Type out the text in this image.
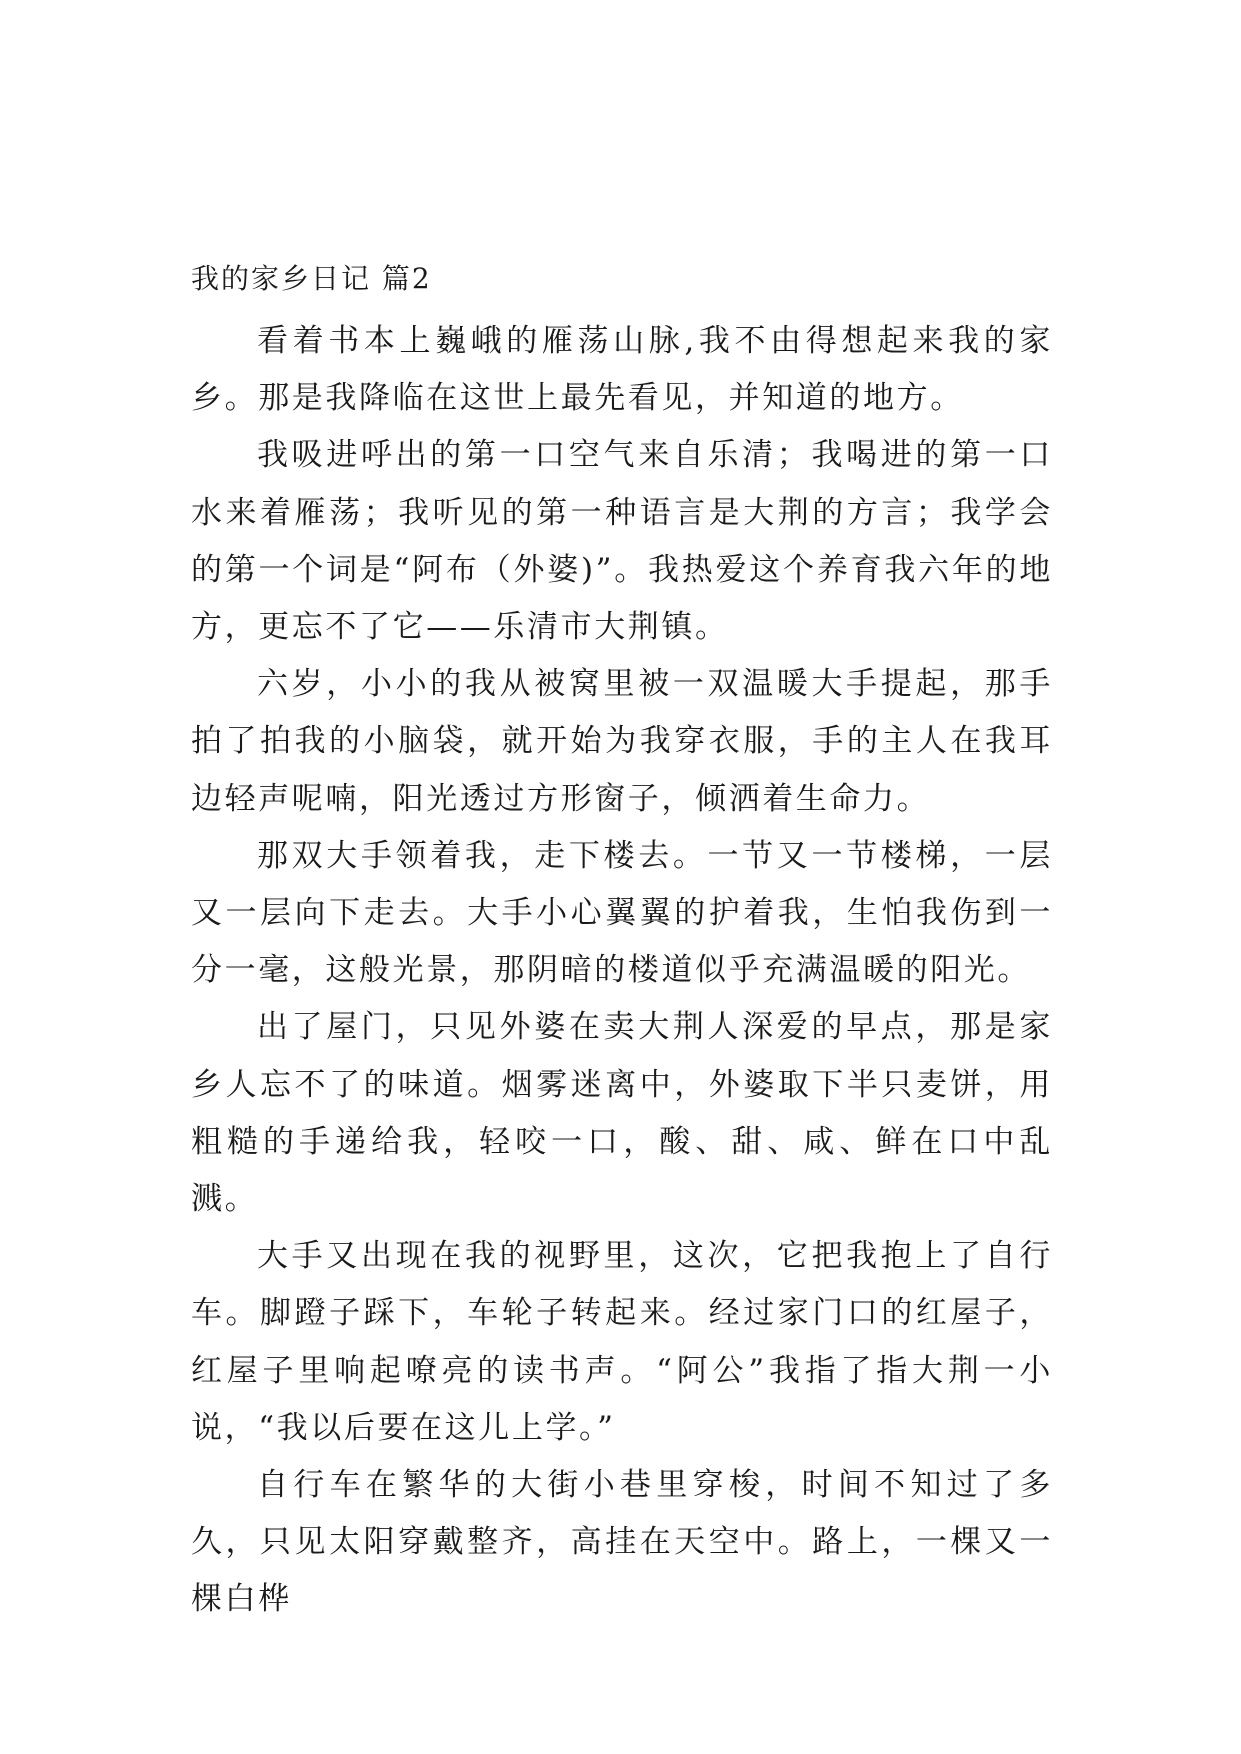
我的家乡日记 篇2

看着书本上巍峨的雁荡山脉,我不由得想起来我的家乡。那是我降临在这世上最先看见，并知道的地方。

我吸进呼出的第一口空气来自乐清；我喝进的第一口水来着雁荡；我听见的第一种语言是大荆的方言；我学会的第一个词是“阿布（外婆)”。我热爱这个养育我六年的地方，更忘不了它——乐清市大荆镇。

六岁，小小的我从被窝里被一双温暖大手提起，那手拍了拍我的小脑袋，就开始为我穿衣服，手的主人在我耳边轻声呢喃，阳光透过方形窗子，倾洒着生命力。

那双大手领着我，走下楼去。一节又一节楼梯，一层又一层向下走去。大手小心翼翼的护着我，生怕我伤到一分一毫，这般光景，那阴暗的楼道似乎充满温暖的阳光。

出了屋门，只见外婆在卖大荆人深爱的早点，那是家乡人忘不了的味道。烟雾迷离中，外婆取下半只麦饼，用粗糙的手递给我，轻咬一口，酸、甜、咸、鲜在口中乱溅。

大手又出现在我的视野里，这次，它把我抱上了自行车。脚蹬子踩下，车轮子转起来。经过家门口的红屋子，红屋子里响起嘹亮的读书声。“阿公”我指了指大荆一小说，“我以后要在这儿上学。”

自行车在繁华的大街小巷里穿梭，时间不知过了多久，只见太阳穿戴整齐，高挂在天空中。路上，一棵又一棵白桦
